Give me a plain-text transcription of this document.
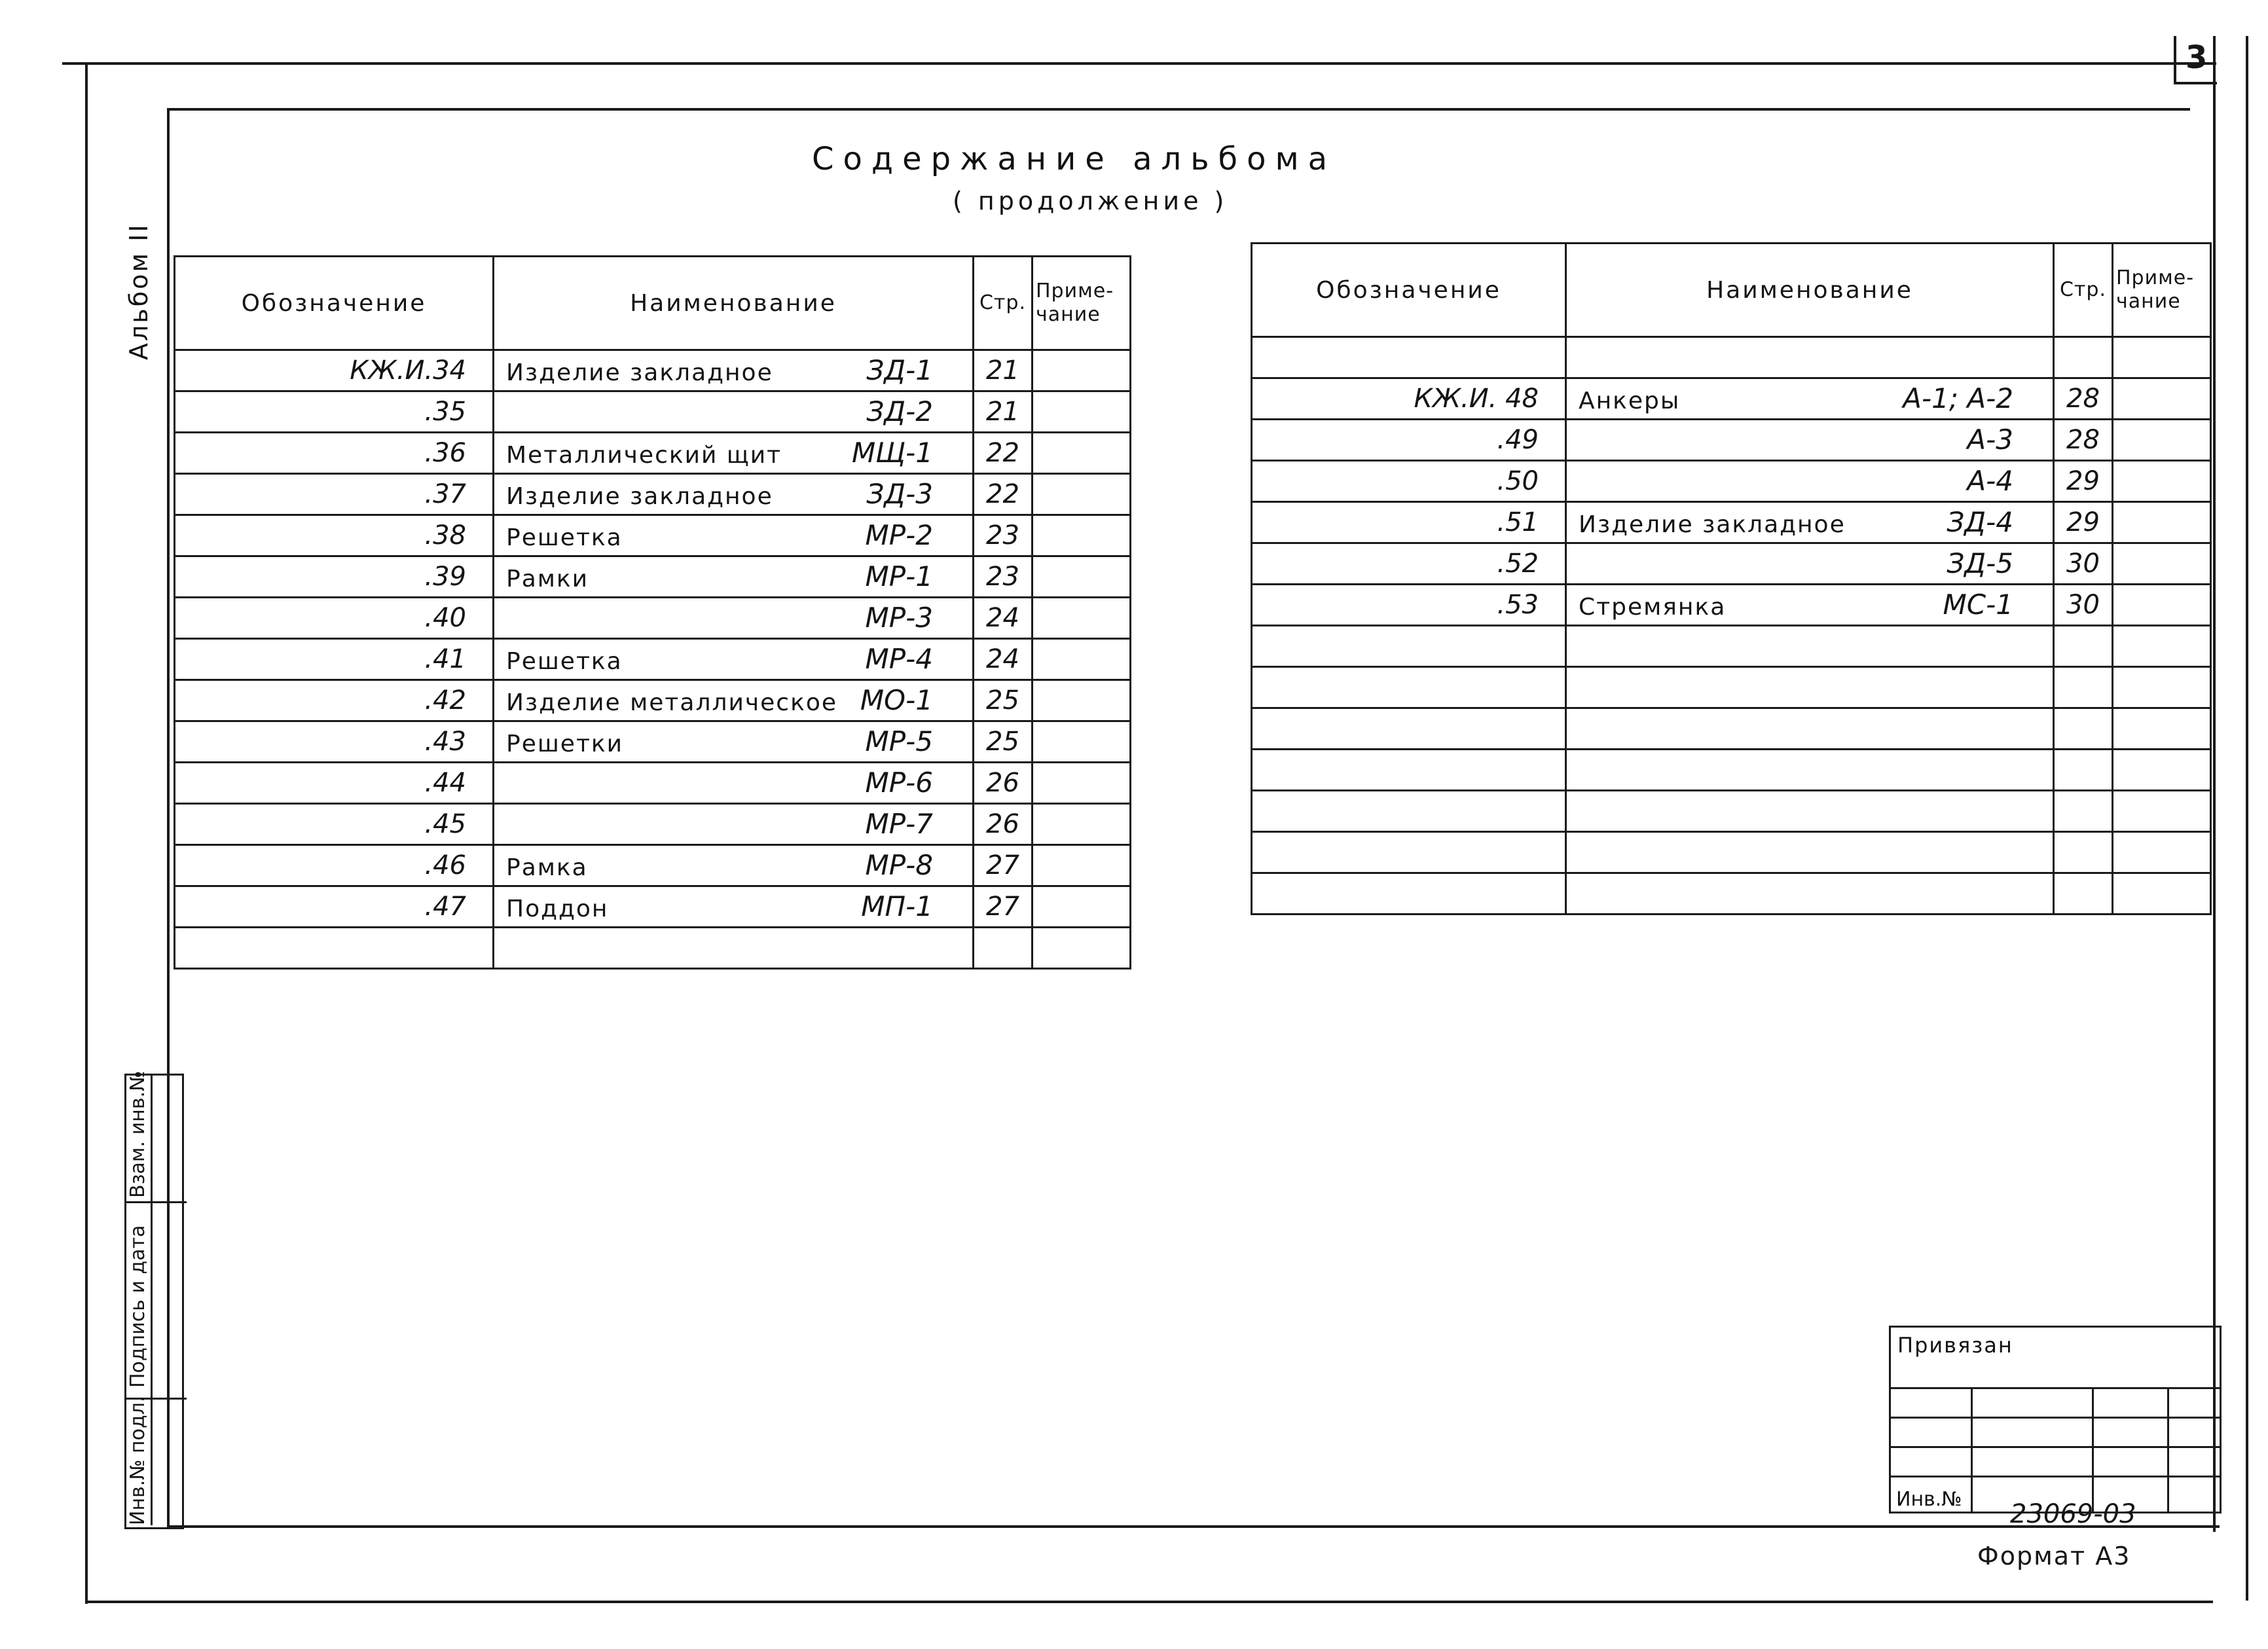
3
Содержание альбома
( продолжение )
Альбом II	Обозначение	Наименование	Стр.	Приме-
чание
КЖ.И.34	Изделие закладное ЗД-1	21	
.35	ЗД-2	21	
.36	Металлический щит МЩ-1	22	
.37	Изделие закладное ЗД-3	22	
.38	Решетка МР-2	23	
.39	Рамки МР-1	23	
.40	МР-3	24	
.41	Решетка МР-4	24	
.42	Изделие металлическое МО-1	25	
.43	Решетки МР-5	25	
.44	МР-6	26	
.45	МР-7	26	
.46	Рамка МР-8	27	
.47	Поддон МП-1	27	

Обозначение	Наименование	Стр.	Приме-
чание

КЖ.И. 48	Анкеры А-1; А-2	28	
.49	А-3	28	
.50	А-4	29	
.51	Изделие закладное ЗД-4	29	
.52	ЗД-5	30	
.53	Стремянка МС-1	30	

Взам. инв.№
Подпись и дата
Инв.№ подл.
Привязан			

Инв.№			23069-03
Формат А3
